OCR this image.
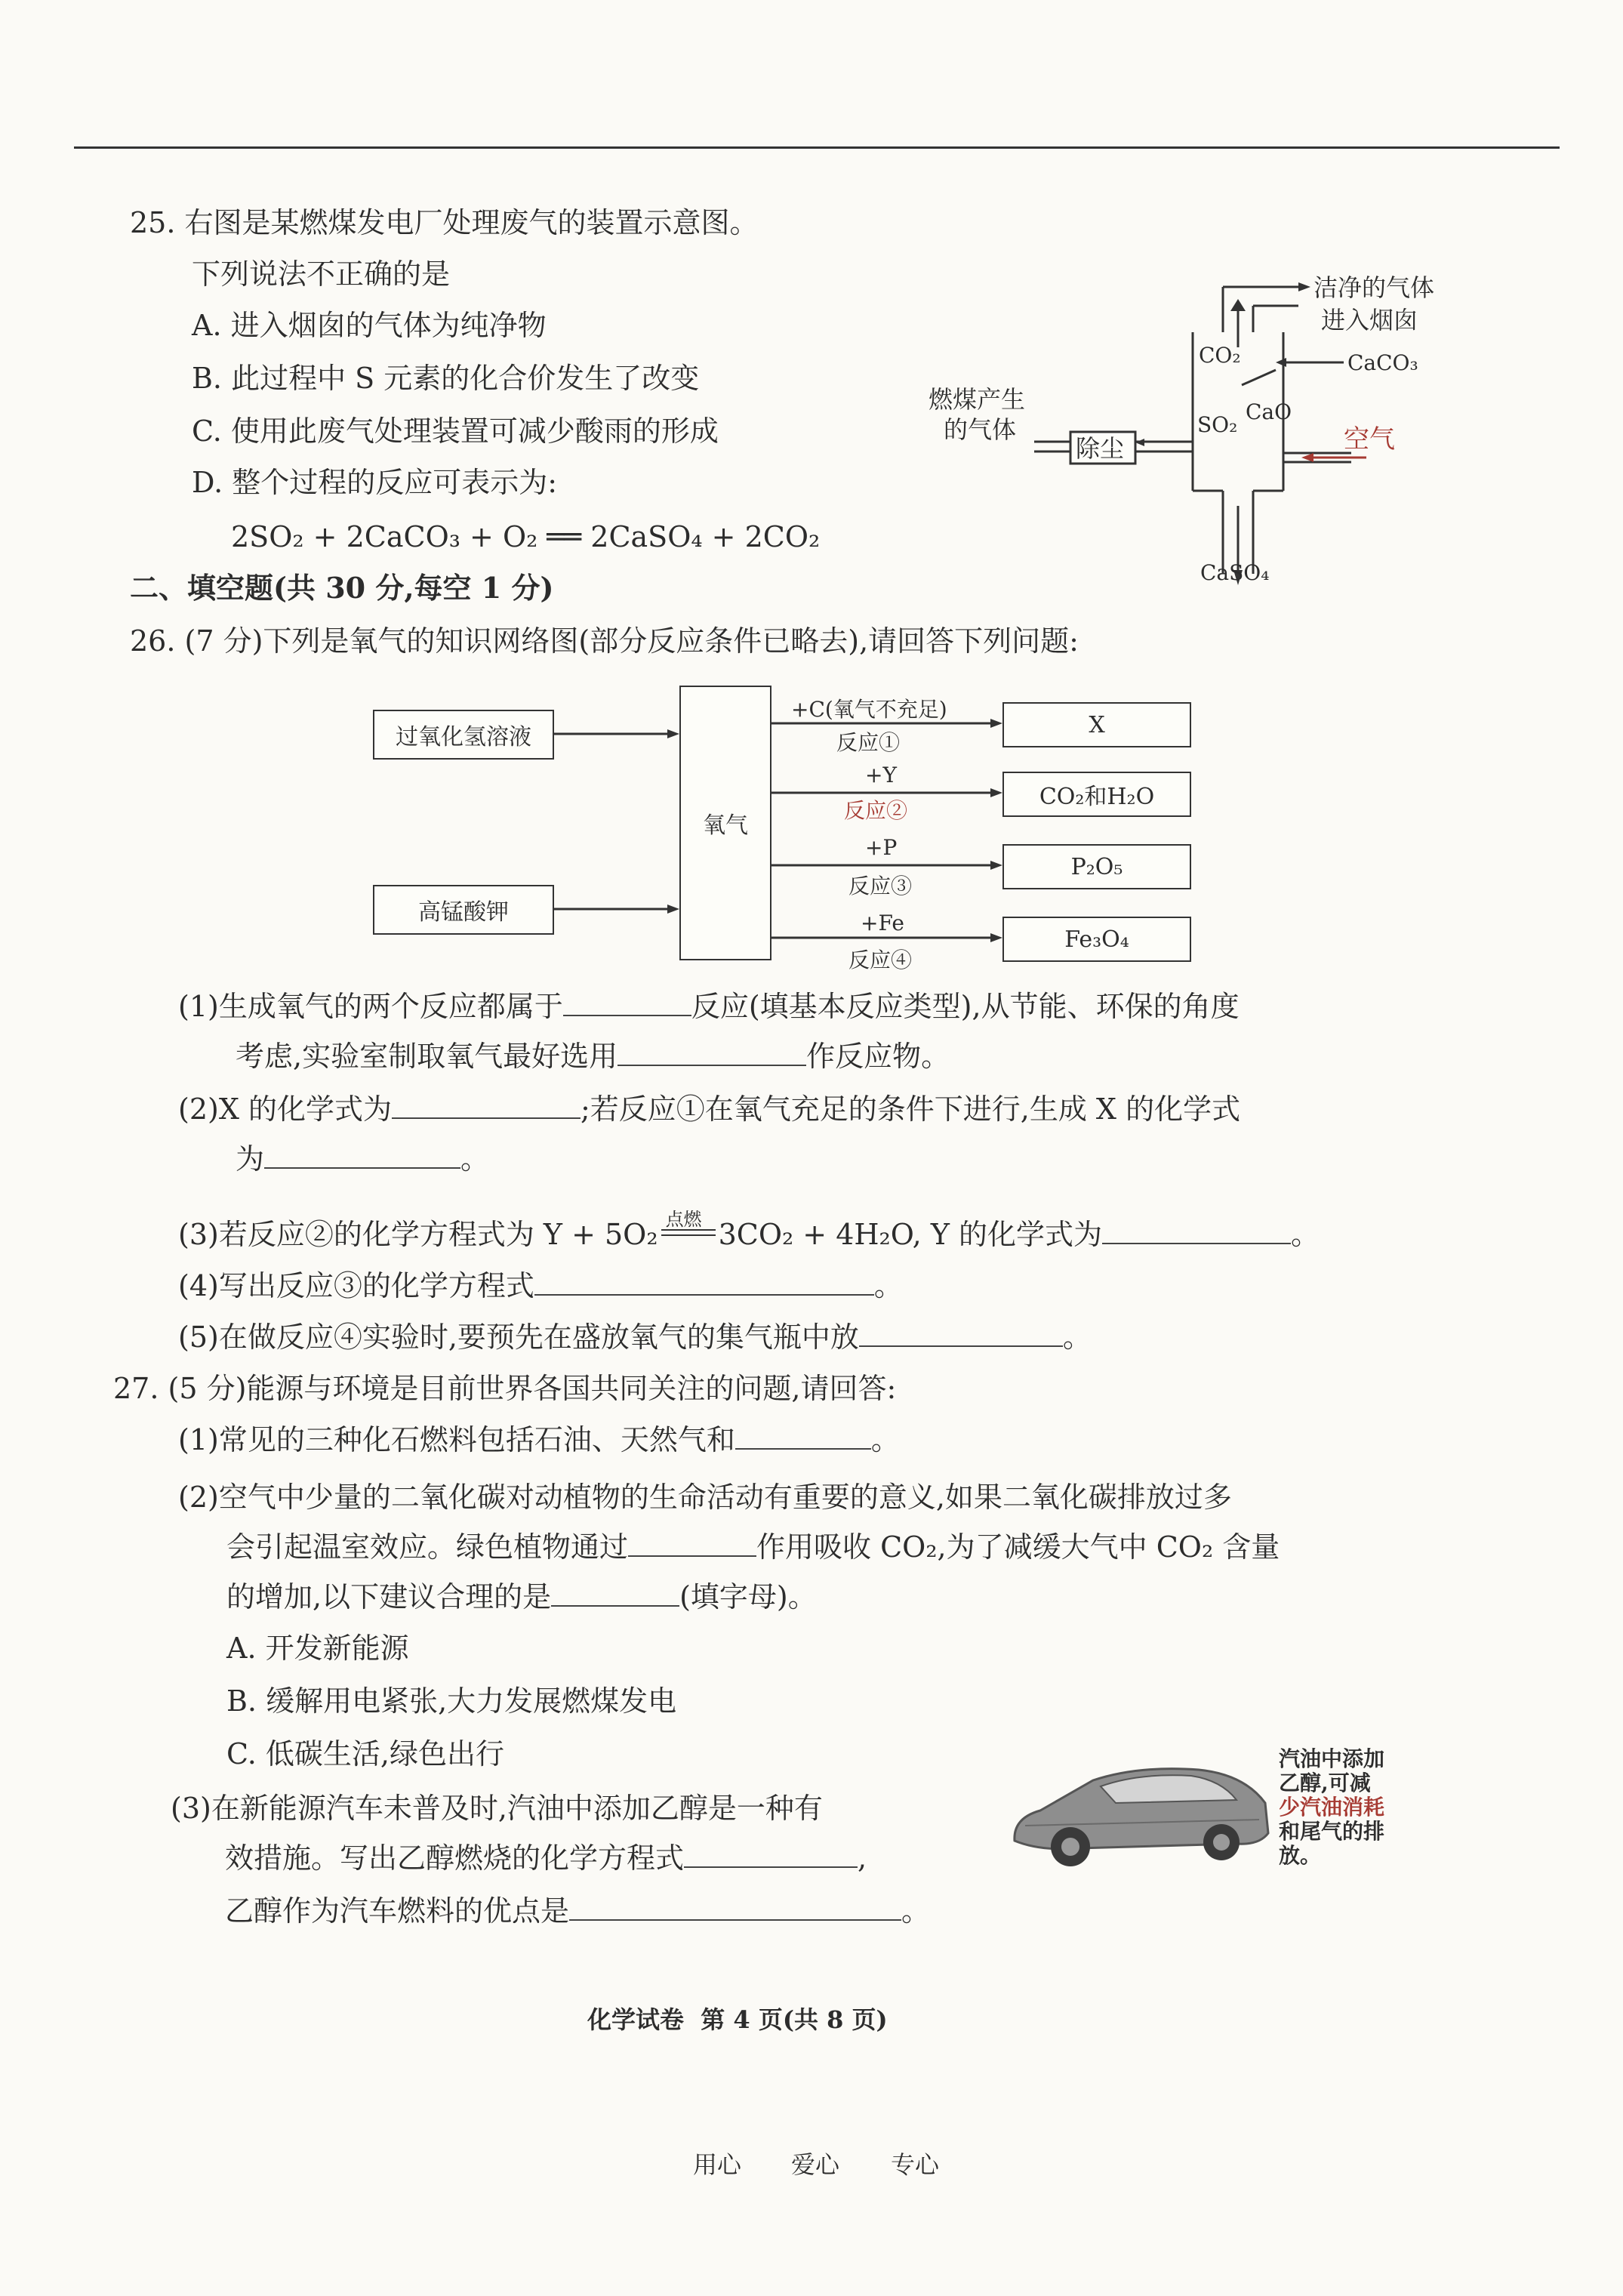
25. 右图是某燃煤发电厂处理废气的装置示意图。
下列说法不正确的是
A. 进入烟囱的气体为纯净物
B. 此过程中 S 元素的化合价发生了改变
C. 使用此废气处理装置可减少酸雨的形成
D. 整个过程的反应可表示为:
2SO₂ + 2CaCO₃ + O₂ ══ 2CaSO₄ + 2CO₂
洁净的气体
进入烟囱
CO₂	CaCO₃
CaO
SO₂
燃煤产生
的气体
除尘	空气
CaSO₄
二、填空题(共 30 分,每空 1 分)
26. (7 分)下列是氧气的知识网络图(部分反应条件已略去),请回答下列问题:
过氧化氢溶液
高锰酸钾
氧气
X
CO₂和H₂O
P₂O₅
Fe₃O₄
+C(氧气不充足)
反应①
+Y
反应②
+P
反应③
+Fe
反应④
(1)生成氧气的两个反应都属于	反应(填基本反应类型),从节能、环保的角度
考虑,实验室制取氧气最好选用	作反应物。
(2)X 的化学式为	;若反应①在氧气充足的条件下进行,生成 X 的化学式
为	。
(3)若反应②的化学方程式为 Y + 5O₂ 点燃 3CO₂ + 4H₂O, Y 的化学式为	。
(4)写出反应③的化学方程式	。
(5)在做反应④实验时,要预先在盛放氧气的集气瓶中放	。
27. (5 分)能源与环境是目前世界各国共同关注的问题,请回答:
(1)常见的三种化石燃料包括石油、天然气和	。
(2)空气中少量的二氧化碳对动植物的生命活动有重要的意义,如果二氧化碳排放过多
会引起温室效应。绿色植物通过	作用吸收 CO₂,为了减缓大气中 CO₂ 含量
的增加,以下建议合理的是	(填字母)。
A. 开发新能源
B. 缓解用电紧张,大力发展燃煤发电
C. 低碳生活,绿色出行
(3)在新能源汽车未普及时,汽油中添加乙醇是一种有
效措施。写出乙醇燃烧的化学方程式	,
乙醇作为汽车燃料的优点是	。
汽油中添加
乙醇,可减
少汽油消耗
和尾气的排
放。
化学试卷  第 4 页(共 8 页)
用心 爱心 专心
